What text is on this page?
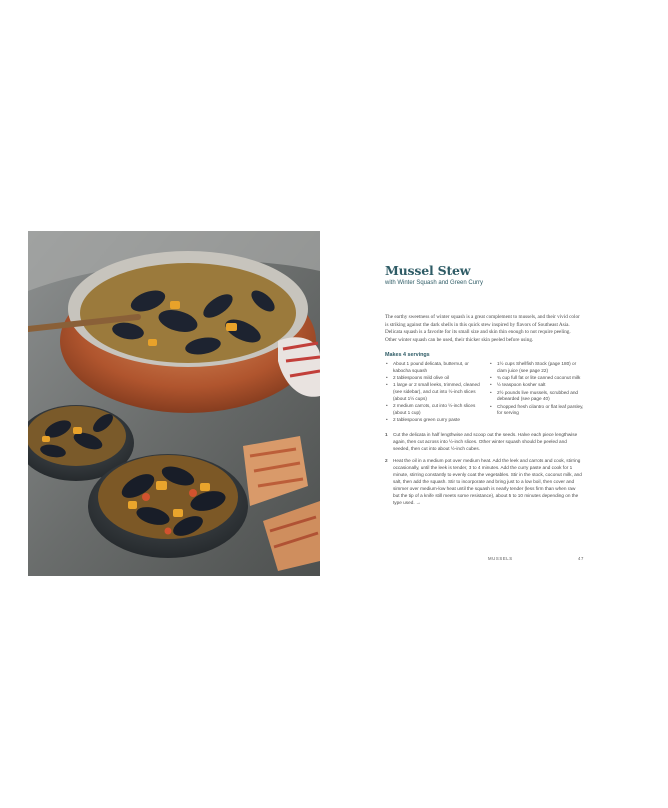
Mussel Stew
with Winter Squash and Green Curry

The earthy sweetness of winter squash is a great complement to mussels, and their vivid color is striking against the dark shells in this quick stew inspired by flavors of Southeast Asia. Delicata squash is a favorite for its small size and skin thin enough to not require peeling. Other winter squash can be used, their thicker skin peeled before using.

Makes 4 servings
• About 1 pound delicata, butternut, or kabocha squash
• 2 tablespoons mild olive oil
• 1 large or 2 small leeks, trimmed, cleaned (see sidebar), and cut into ½-inch slices (about 1½ cups)
• 2 medium carrots, cut into ½-inch slices (about 1 cup)
• 2 tablespoons green curry paste
• 1½ cups Shellfish Stock (page 180) or clam juice (see page 22)
• ¾ cup full fat or lite canned coconut milk
• ½ teaspoon kosher salt
• 2½ pounds live mussels, scrubbed and debearded (see page 40)
• Chopped fresh cilantro or flat leaf parsley, for serving
1 Cut the delicata in half lengthwise and scoop out the seeds. Halve each piece lengthwise again, then cut across into ½-inch slices. Other winter squash should be peeled and seeded, then cut into about ½-inch cubes.
2 Heat the oil in a medium pot over medium heat. Add the leek and carrots and cook, stirring occasionally, until the leek is tender, 3 to 4 minutes. Add the curry paste and cook for 1 minute, stirring constantly to evenly coat the vegetables. Stir in the stock, coconut milk, and salt, then add the squash. Stir to incorporate and bring just to a low boil, then cover and simmer over medium-low heat until the squash is nearly tender (less firm than when raw but the tip of a knife still meets some resistance), about 5 to 10 minutes depending on the type used. →
MUSSELS	47
